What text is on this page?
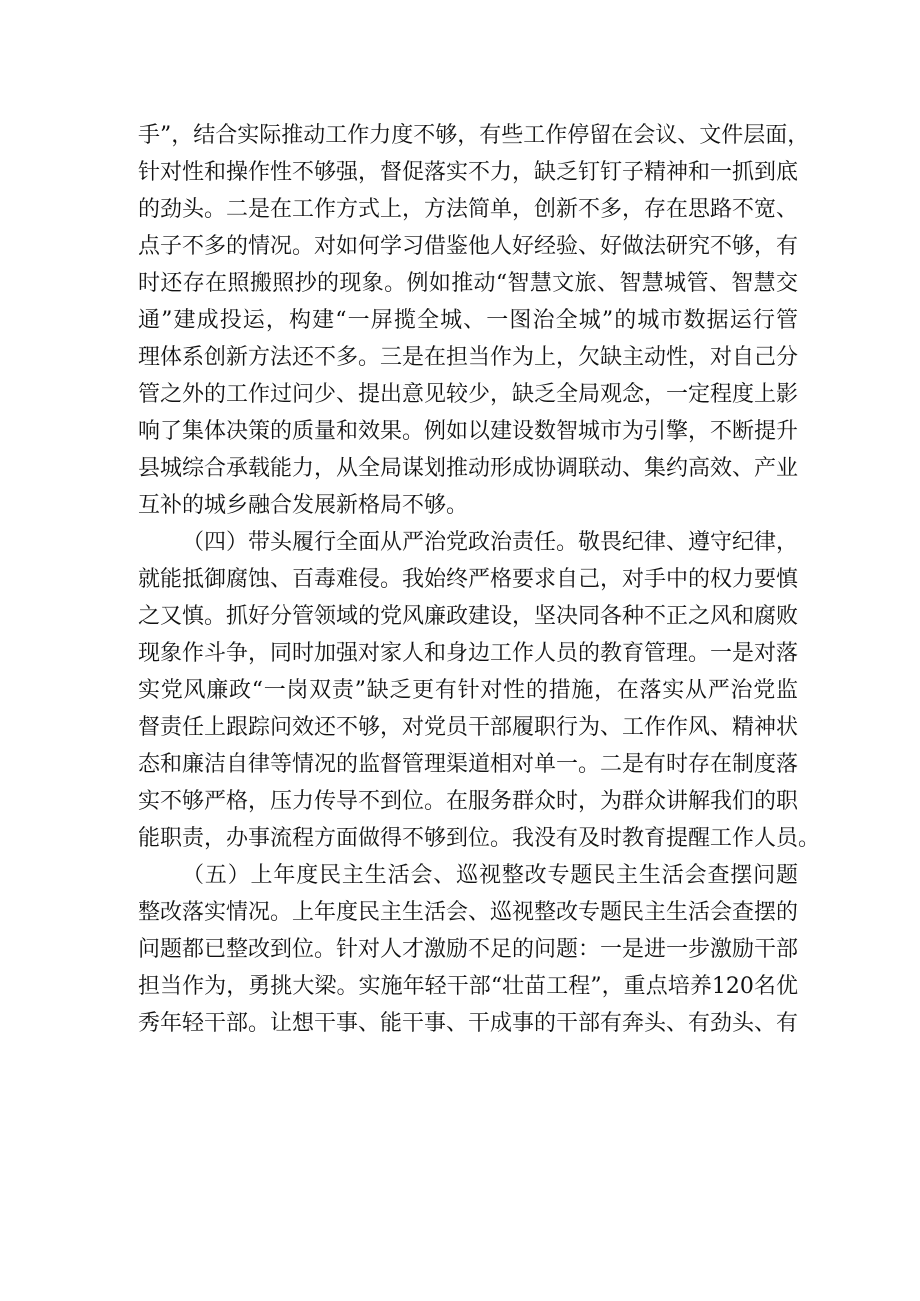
手”，结合实际推动工作力度不够，有些工作停留在会议、文件层面，
针对性和操作性不够强，督促落实不力，缺乏钉钉子精神和一抓到底
的劲头。二是在工作方式上，方法简单，创新不多，存在思路不宽、
点子不多的情况。对如何学习借鉴他人好经验、好做法研究不够，有
时还存在照搬照抄的现象。例如推动“智慧文旅、智慧城管、智慧交
通”建成投运，构建“一屏揽全城、一图治全城”的城市数据运行管
理体系创新方法还不多。三是在担当作为上，欠缺主动性，对自己分
管之外的工作过问少、提出意见较少，缺乏全局观念，一定程度上影
响了集体决策的质量和效果。例如以建设数智城市为引擎，不断提升
县城综合承载能力，从全局谋划推动形成协调联动、集约高效、产业
互补的城乡融合发展新格局不够。
（四）带头履行全面从严治党政治责任。敬畏纪律、遵守纪律，
就能抵御腐蚀、百毒难侵。我始终严格要求自己，对手中的权力要慎
之又慎。抓好分管领域的党风廉政建设，坚决同各种不正之风和腐败
现象作斗争，同时加强对家人和身边工作人员的教育管理。一是对落
实党风廉政“一岗双责”缺乏更有针对性的措施，在落实从严治党监
督责任上跟踪问效还不够，对党员干部履职行为、工作作风、精神状
态和廉洁自律等情况的监督管理渠道相对单一。二是有时存在制度落
实不够严格，压力传导不到位。在服务群众时，为群众讲解我们的职
能职责，办事流程方面做得不够到位。我没有及时教育提醒工作人员。
（五）上年度民主生活会、巡视整改专题民主生活会查摆问题
整改落实情况。上年度民主生活会、巡视整改专题民主生活会查摆的
问题都已整改到位。针对人才激励不足的问题：一是进一步激励干部
担当作为，勇挑大梁。实施年轻干部“壮苗工程”，重点培养120名优
秀年轻干部。让想干事、能干事、干成事的干部有奔头、有劲头、有
